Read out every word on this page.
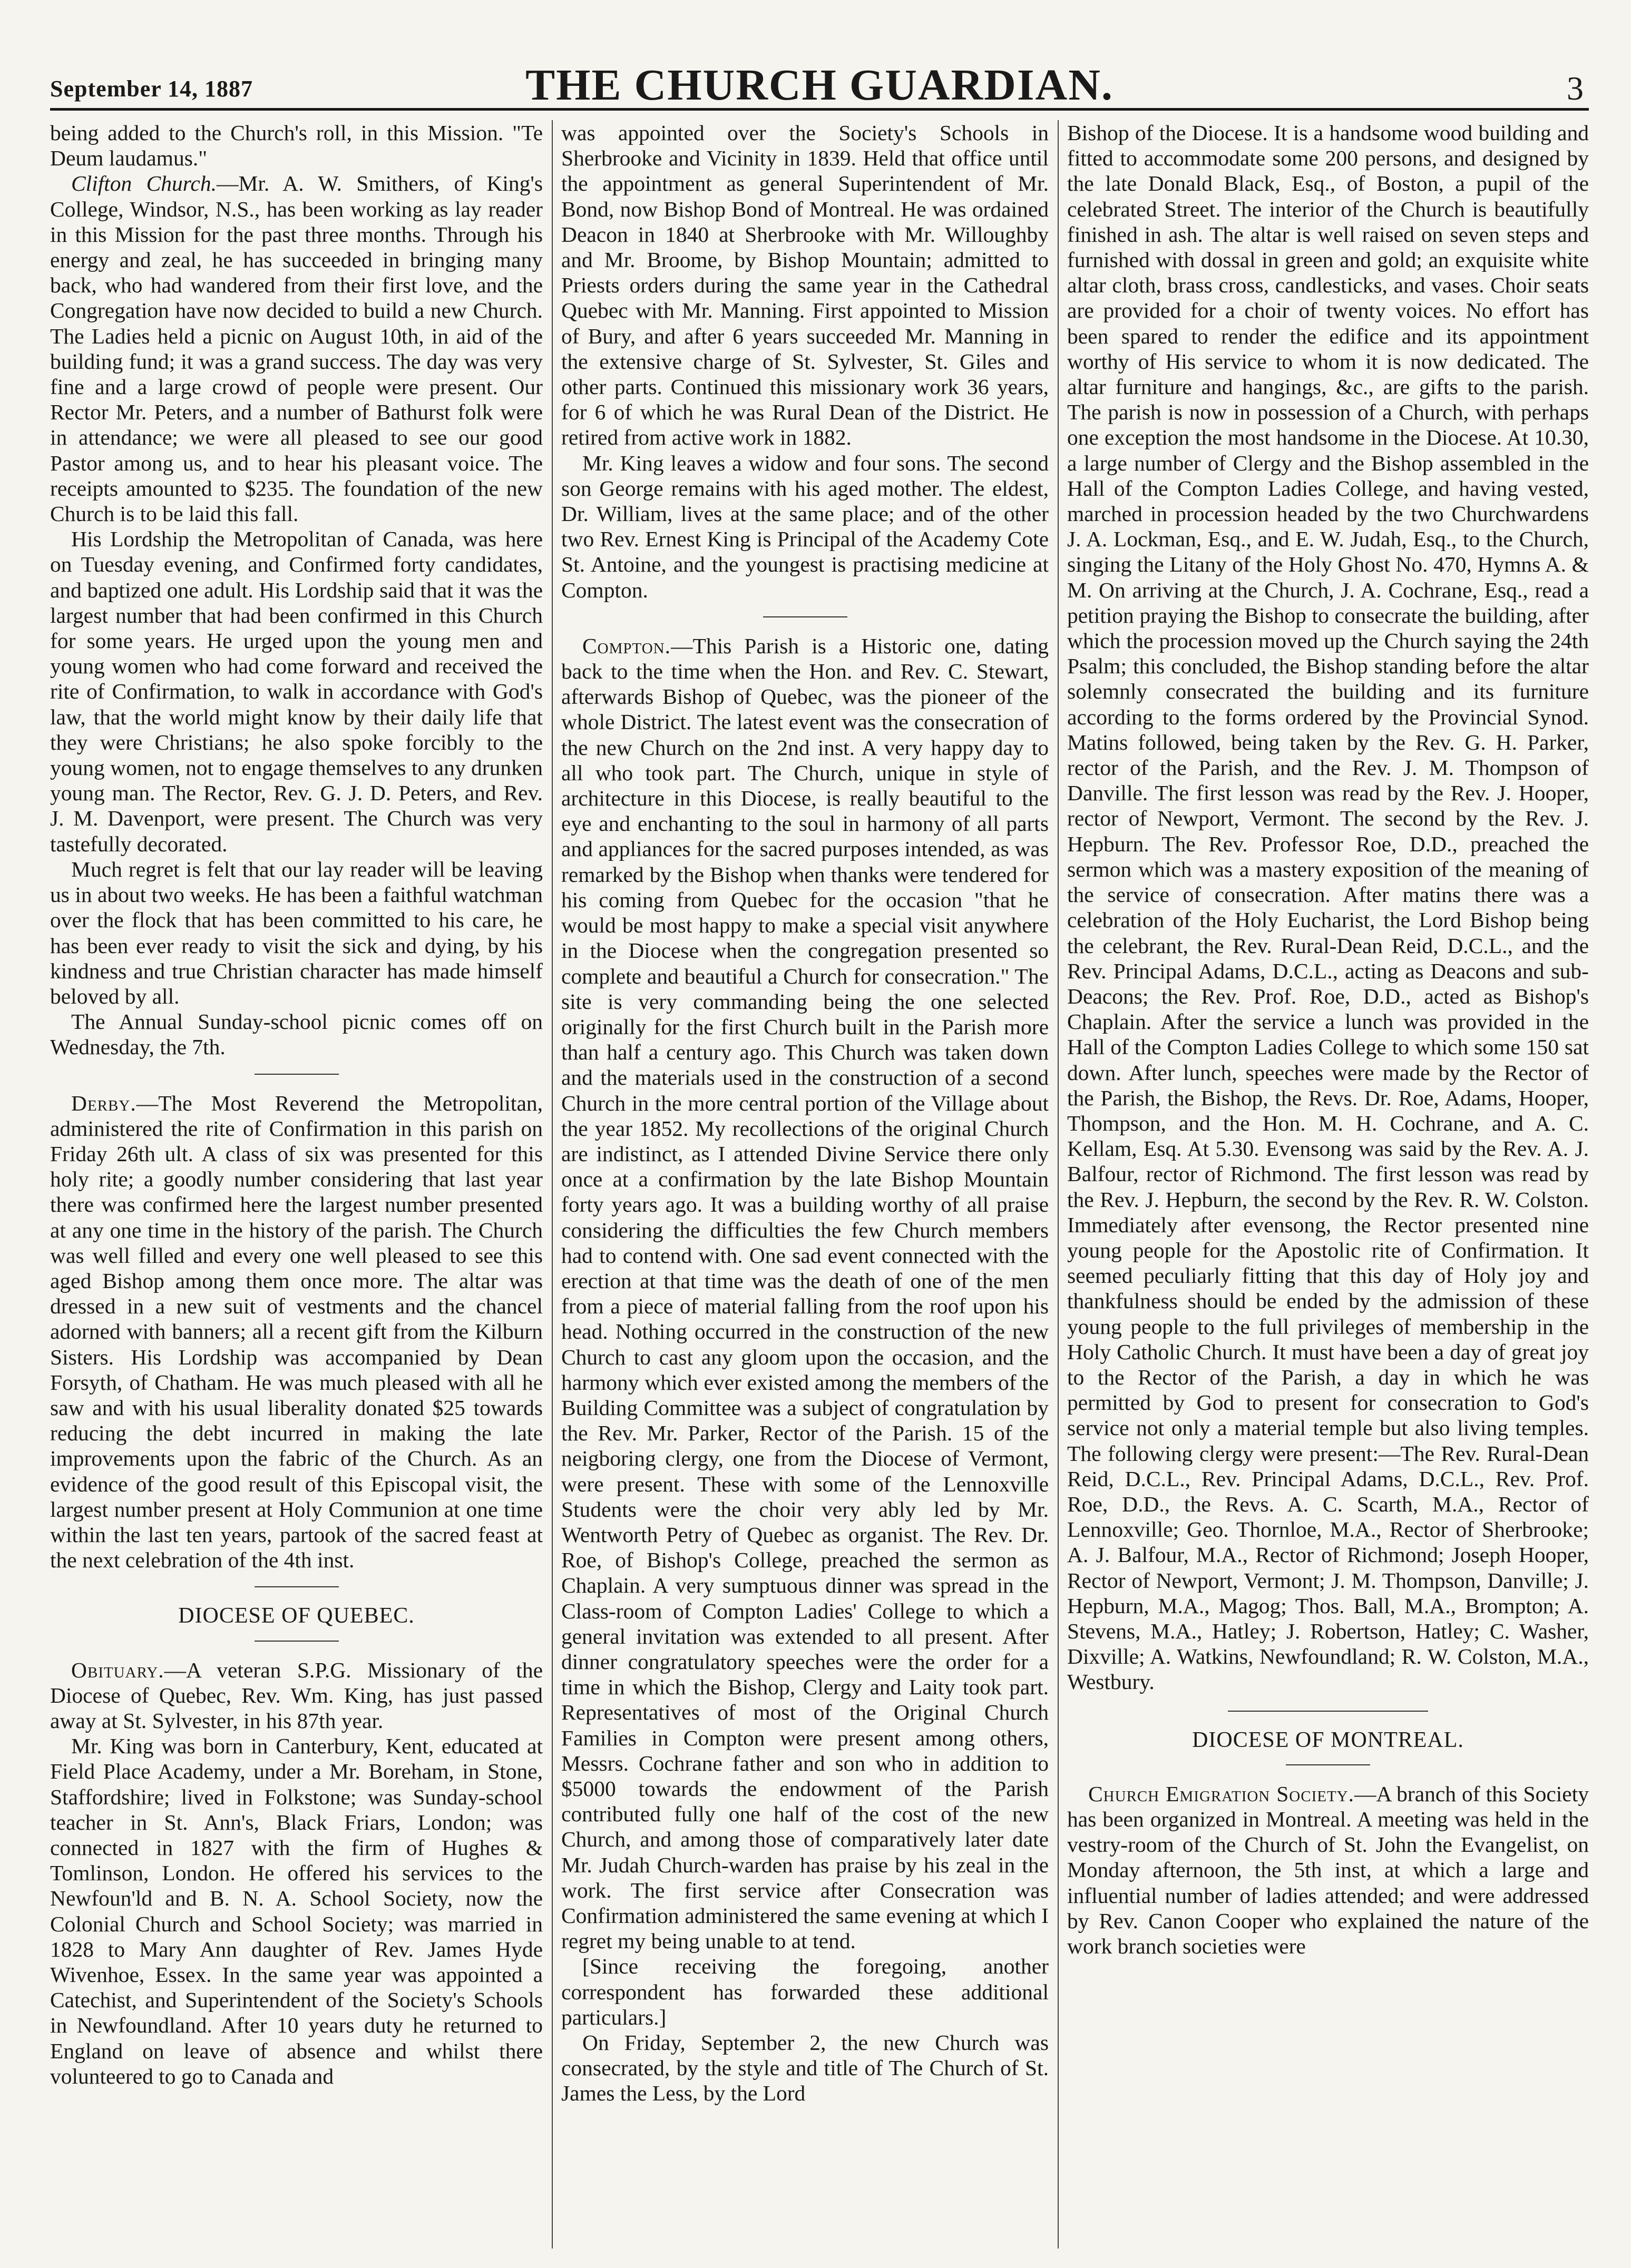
September 14, 1887	THE CHURCH GUARDIAN.	3

being added to the Church's roll, in this Mission. "Te Deum laudamus."

Clifton Church.—Mr. A. W. Smithers, of King's College, Windsor, N.S., has been working as lay reader in this Mission for the past three months. Through his energy and zeal, he has succeeded in bringing many back, who had wandered from their first love, and the Congregation have now decided to build a new Church. The Ladies held a picnic on August 10th, in aid of the building fund; it was a grand success. The day was very fine and a large crowd of people were present. Our Rector Mr. Peters, and a number of Bathurst folk were in attendance; we were all pleased to see our good Pastor among us, and to hear his pleasant voice. The receipts amounted to $235. The foundation of the new Church is to be laid this fall.

His Lordship the Metropolitan of Canada, was here on Tuesday evening, and Confirmed forty candidates, and baptized one adult. His Lordship said that it was the largest number that had been confirmed in this Church for some years. He urged upon the young men and young women who had come forward and received the rite of Confirmation, to walk in accordance with God's law, that the world might know by their daily life that they were Christians; he also spoke forcibly to the young women, not to engage themselves to any drunken young man. The Rector, Rev. G. J. D. Peters, and Rev. J. M. Davenport, were present. The Church was very tastefully decorated.

Much regret is felt that our lay reader will be leaving us in about two weeks. He has been a faithful watchman over the flock that has been committed to his care, he has been ever ready to visit the sick and dying, by his kindness and true Christian character has made himself beloved by all.

The Annual Sunday-school picnic comes off on Wednesday, the 7th.

Derby.—The Most Reverend the Metropolitan, administered the rite of Confirmation in this parish on Friday 26th ult. A class of six was presented for this holy rite; a goodly number considering that last year there was confirmed here the largest number presented at any one time in the history of the parish. The Church was well filled and every one well pleased to see this aged Bishop among them once more. The altar was dressed in a new suit of vestments and the chancel adorned with banners; all a recent gift from the Kilburn Sisters. His Lordship was accompanied by Dean Forsyth, of Chatham. He was much pleased with all he saw and with his usual liberality donated $25 towards reducing the debt incurred in making the late improvements upon the fabric of the Church. As an evidence of the good result of this Episcopal visit, the largest number present at Holy Communion at one time within the last ten years, partook of the sacred feast at the next celebration of the 4th inst.

DIOCESE OF QUEBEC.

Obituary.—A veteran S.P.G. Missionary of the Diocese of Quebec, Rev. Wm. King, has just passed away at St. Sylvester, in his 87th year.

Mr. King was born in Canterbury, Kent, educated at Field Place Academy, under a Mr. Boreham, in Stone, Staffordshire; lived in Folkstone; was Sunday-school teacher in St. Ann's, Black Friars, London; was connected in 1827 with the firm of Hughes & Tomlinson, London. He offered his services to the Newfoun'ld and B. N. A. School Society, now the Colonial Church and School Society; was married in 1828 to Mary Ann daughter of Rev. James Hyde Wivenhoe, Essex. In the same year was appointed a Catechist, and Superintendent of the Society's Schools in Newfoundland. After 10 years duty he returned to England on leave of absence and whilst there volunteered to go to Canada and

was appointed over the Society's Schools in Sherbrooke and Vicinity in 1839. Held that office until the appointment as general Superintendent of Mr. Bond, now Bishop Bond of Montreal. He was ordained Deacon in 1840 at Sherbrooke with Mr. Willoughby and Mr. Broome, by Bishop Mountain; admitted to Priests orders during the same year in the Cathedral Quebec with Mr. Manning. First appointed to Mission of Bury, and after 6 years succeeded Mr. Manning in the extensive charge of St. Sylvester, St. Giles and other parts. Continued this missionary work 36 years, for 6 of which he was Rural Dean of the District. He retired from active work in 1882.

Mr. King leaves a widow and four sons. The second son George remains with his aged mother. The eldest, Dr. William, lives at the same place; and of the other two Rev. Ernest King is Principal of the Academy Cote St. Antoine, and the youngest is practising medicine at Compton.

Compton.—This Parish is a Historic one, dating back to the time when the Hon. and Rev. C. Stewart, afterwards Bishop of Quebec, was the pioneer of the whole District. The latest event was the consecration of the new Church on the 2nd inst. A very happy day to all who took part. The Church, unique in style of architecture in this Diocese, is really beautiful to the eye and enchanting to the soul in harmony of all parts and appliances for the sacred purposes intended, as was remarked by the Bishop when thanks were tendered for his coming from Quebec for the occasion "that he would be most happy to make a special visit anywhere in the Diocese when the congregation presented so complete and beautiful a Church for consecration." The site is very commanding being the one selected originally for the first Church built in the Parish more than half a century ago. This Church was taken down and the materials used in the construction of a second Church in the more central portion of the Village about the year 1852. My recollections of the original Church are indistinct, as I attended Divine Service there only once at a confirmation by the late Bishop Mountain forty years ago. It was a building worthy of all praise considering the difficulties the few Church members had to contend with. One sad event connected with the erection at that time was the death of one of the men from a piece of material falling from the roof upon his head. Nothing occurred in the construction of the new Church to cast any gloom upon the occasion, and the harmony which ever existed among the members of the Building Committee was a subject of congratulation by the Rev. Mr. Parker, Rector of the Parish. 15 of the neigboring clergy, one from the Diocese of Vermont, were present. These with some of the Lennoxville Students were the choir very ably led by Mr. Wentworth Petry of Quebec as organist. The Rev. Dr. Roe, of Bishop's College, preached the sermon as Chaplain. A very sumptuous dinner was spread in the Class-room of Compton Ladies' College to which a general invitation was extended to all present. After dinner congratulatory speeches were the order for a time in which the Bishop, Clergy and Laity took part. Representatives of most of the Original Church Families in Compton were present among others, Messrs. Cochrane father and son who in addition to $5000 towards the endowment of the Parish contributed fully one half of the cost of the new Church, and among those of comparatively later date Mr. Judah Church-warden has praise by his zeal in the work. The first service after Consecration was Confirmation administered the same evening at which I regret my being unable to at tend.

[Since receiving the foregoing, another correspondent has forwarded these additional particulars.]

On Friday, September 2, the new Church was consecrated, by the style and title of The Church of St. James the Less, by the Lord

Bishop of the Diocese. It is a handsome wood building and fitted to accommodate some 200 persons, and designed by the late Donald Black, Esq., of Boston, a pupil of the celebrated Street. The interior of the Church is beautifully finished in ash. The altar is well raised on seven steps and furnished with dossal in green and gold; an exquisite white altar cloth, brass cross, candlesticks, and vases. Choir seats are provided for a choir of twenty voices. No effort has been spared to render the edifice and its appointment worthy of His service to whom it is now dedicated. The altar furniture and hangings, &c., are gifts to the parish. The parish is now in possession of a Church, with perhaps one exception the most handsome in the Diocese. At 10.30, a large number of Clergy and the Bishop assembled in the Hall of the Compton Ladies College, and having vested, marched in procession headed by the two Churchwardens J. A. Lockman, Esq., and E. W. Judah, Esq., to the Church, singing the Litany of the Holy Ghost No. 470, Hymns A. & M. On arriving at the Church, J. A. Cochrane, Esq., read a petition praying the Bishop to consecrate the building, after which the procession moved up the Church saying the 24th Psalm; this concluded, the Bishop standing before the altar solemnly consecrated the building and its furniture according to the forms ordered by the Provincial Synod. Matins followed, being taken by the Rev. G. H. Parker, rector of the Parish, and the Rev. J. M. Thompson of Danville. The first lesson was read by the Rev. J. Hooper, rector of Newport, Vermont. The second by the Rev. J. Hepburn. The Rev. Professor Roe, D.D., preached the sermon which was a mastery exposition of the meaning of the service of consecration. After matins there was a celebration of the Holy Eucharist, the Lord Bishop being the celebrant, the Rev. Rural-Dean Reid, D.C.L., and the Rev. Principal Adams, D.C.L., acting as Deacons and sub-Deacons; the Rev. Prof. Roe, D.D., acted as Bishop's Chaplain. After the service a lunch was provided in the Hall of the Compton Ladies College to which some 150 sat down. After lunch, speeches were made by the Rector of the Parish, the Bishop, the Revs. Dr. Roe, Adams, Hooper, Thompson, and the Hon. M. H. Cochrane, and A. C. Kellam, Esq. At 5.30. Evensong was said by the Rev. A. J. Balfour, rector of Richmond. The first lesson was read by the Rev. J. Hepburn, the second by the Rev. R. W. Colston. Immediately after evensong, the Rector presented nine young people for the Apostolic rite of Confirmation. It seemed peculiarly fitting that this day of Holy joy and thankfulness should be ended by the admission of these young people to the full privileges of membership in the Holy Catholic Church. It must have been a day of great joy to the Rector of the Parish, a day in which he was permitted by God to present for consecration to God's service not only a material temple but also living temples. The following clergy were present:—The Rev. Rural-Dean Reid, D.C.L., Rev. Principal Adams, D.C.L., Rev. Prof. Roe, D.D., the Revs. A. C. Scarth, M.A., Rector of Lennoxville; Geo. Thornloe, M.A., Rector of Sherbrooke; A. J. Balfour, M.A., Rector of Richmond; Joseph Hooper, Rector of Newport, Vermont; J. M. Thompson, Danville; J. Hepburn, M.A., Magog; Thos. Ball, M.A., Brompton; A. Stevens, M.A., Hatley; J. Robertson, Hatley; C. Washer, Dixville; A. Watkins, Newfoundland; R. W. Colston, M.A., Westbury.

DIOCESE OF MONTREAL.

Church Emigration Society.—A branch of this Society has been organized in Montreal. A meeting was held in the vestry-room of the Church of St. John the Evangelist, on Monday afternoon, the 5th inst, at which a large and influential number of ladies attended; and were addressed by Rev. Canon Cooper who explained the nature of the work branch societies were
